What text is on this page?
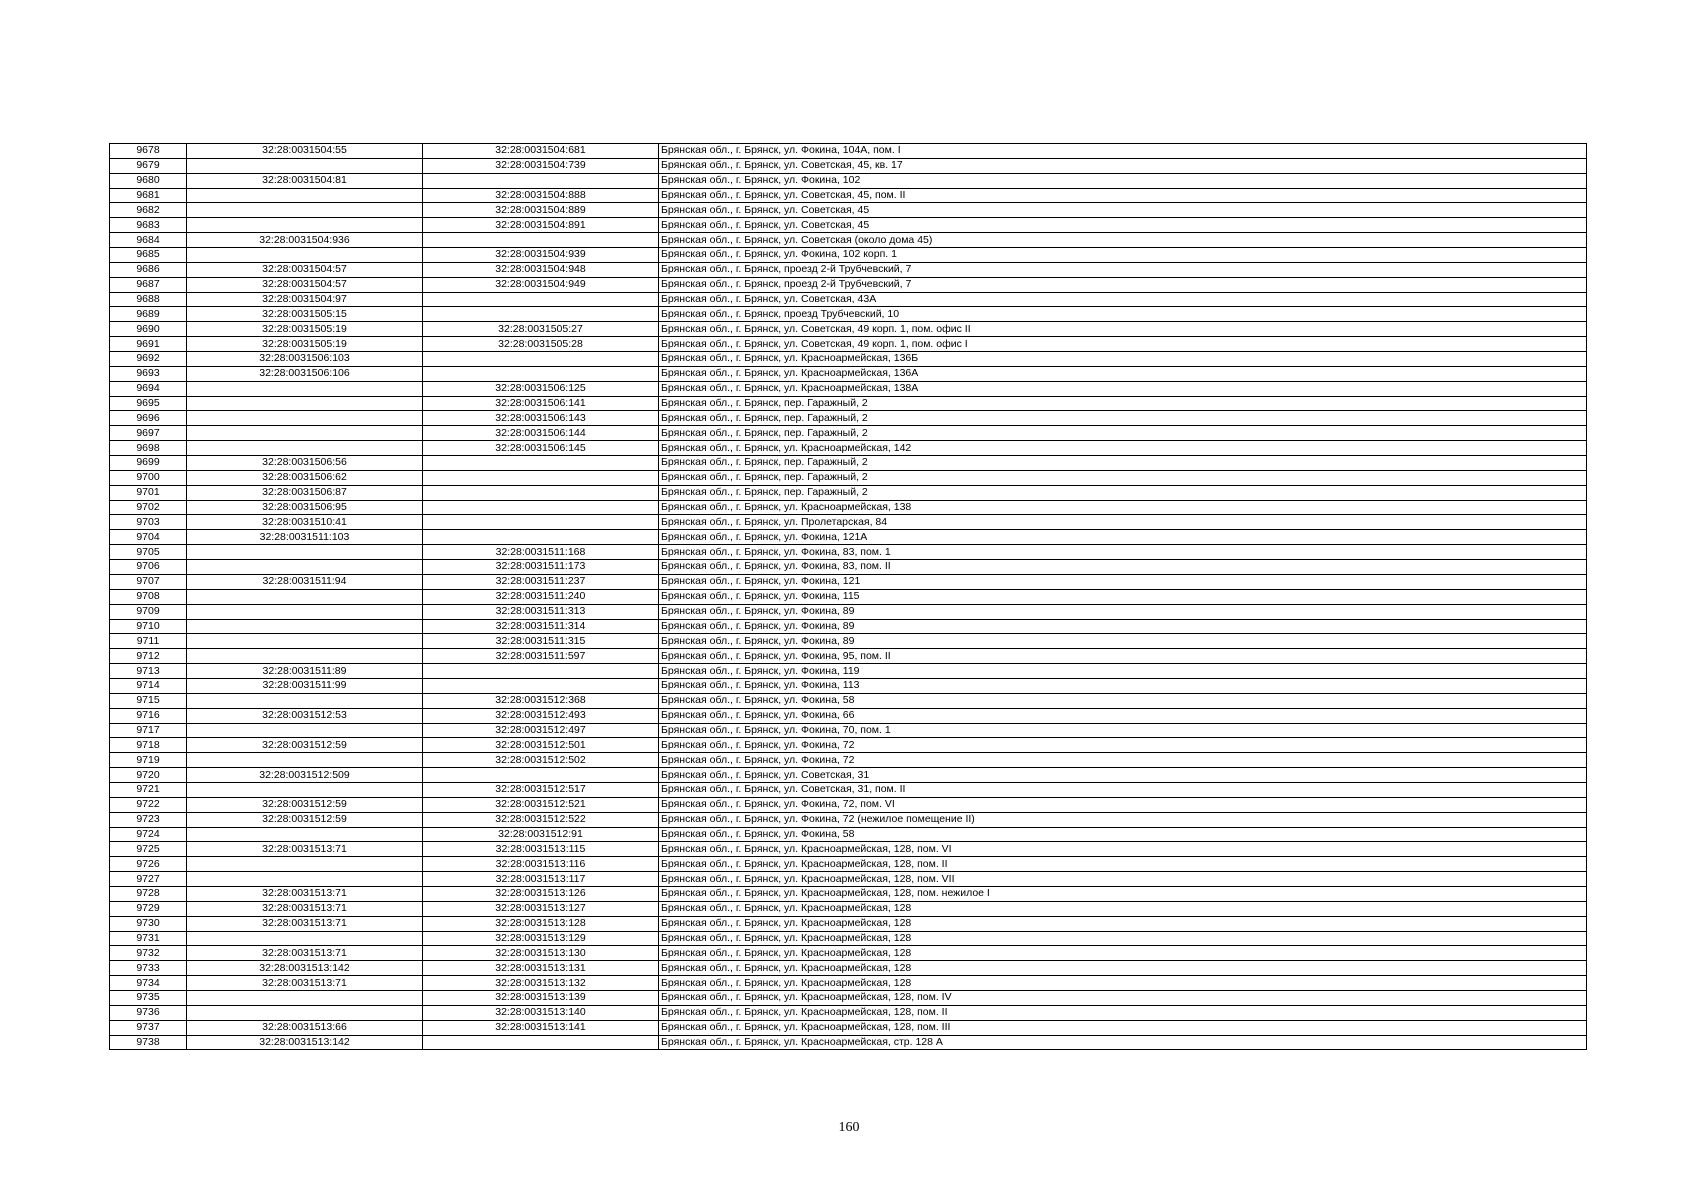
9678	32:28:0031504:55	32:28:0031504:681	Брянская обл., г. Брянск, ул. Фокина, 104А, пом. I
9679		32:28:0031504:739	Брянская обл., г. Брянск, ул. Советская, 45, кв. 17
9680	32:28:0031504:81		Брянская обл., г. Брянск, ул. Фокина, 102
9681		32:28:0031504:888	Брянская обл., г. Брянск, ул. Советская, 45, пом. II
9682		32:28:0031504:889	Брянская обл., г. Брянск, ул. Советская, 45
9683		32:28:0031504:891	Брянская обл., г. Брянск, ул. Советская, 45
9684	32:28:0031504:936		Брянская обл., г. Брянск, ул. Советская (около дома 45)
9685		32:28:0031504:939	Брянская обл., г. Брянск, ул. Фокина, 102 корп. 1
9686	32:28:0031504:57	32:28:0031504:948	Брянская обл., г. Брянск, проезд 2-й Трубчевский, 7
9687	32:28:0031504:57	32:28:0031504:949	Брянская обл., г. Брянск, проезд 2-й Трубчевский, 7
9688	32:28:0031504:97		Брянская обл., г. Брянск, ул. Советская, 43А
9689	32:28:0031505:15		Брянская обл., г. Брянск, проезд Трубчевский, 10
9690	32:28:0031505:19	32:28:0031505:27	Брянская обл., г. Брянск, ул. Советская, 49 корп. 1, пом. офис II
9691	32:28:0031505:19	32:28:0031505:28	Брянская обл., г. Брянск, ул. Советская, 49 корп. 1, пом. офис I
9692	32:28:0031506:103		Брянская обл., г. Брянск, ул. Красноармейская, 136Б
9693	32:28:0031506:106		Брянская обл., г. Брянск, ул. Красноармейская, 136А
9694		32:28:0031506:125	Брянская обл., г. Брянск, ул. Красноармейская, 138А
9695		32:28:0031506:141	Брянская обл., г. Брянск, пер. Гаражный, 2
9696		32:28:0031506:143	Брянская обл., г. Брянск, пер. Гаражный, 2
9697		32:28:0031506:144	Брянская обл., г. Брянск, пер. Гаражный, 2
9698		32:28:0031506:145	Брянская обл., г. Брянск, ул. Красноармейская, 142
9699	32:28:0031506:56		Брянская обл., г. Брянск, пер. Гаражный, 2
9700	32:28:0031506:62		Брянская обл., г. Брянск, пер. Гаражный, 2
9701	32:28:0031506:87		Брянская обл., г. Брянск, пер. Гаражный, 2
9702	32:28:0031506:95		Брянская обл., г. Брянск, ул. Красноармейская, 138
9703	32:28:0031510:41		Брянская обл., г. Брянск, ул. Пролетарская, 84
9704	32:28:0031511:103		Брянская обл., г. Брянск, ул. Фокина, 121А
9705		32:28:0031511:168	Брянская обл., г. Брянск, ул. Фокина, 83, пом. 1
9706		32:28:0031511:173	Брянская обл., г. Брянск, ул. Фокина, 83, пом. II
9707	32:28:0031511:94	32:28:0031511:237	Брянская обл., г. Брянск, ул. Фокина, 121
9708		32:28:0031511:240	Брянская обл., г. Брянск, ул. Фокина, 115
9709		32:28:0031511:313	Брянская обл., г. Брянск, ул. Фокина, 89
9710		32:28:0031511:314	Брянская обл., г. Брянск, ул. Фокина, 89
9711		32:28:0031511:315	Брянская обл., г. Брянск, ул. Фокина, 89
9712		32:28:0031511:597	Брянская обл., г. Брянск, ул. Фокина, 95, пом. II
9713	32:28:0031511:89		Брянская обл., г. Брянск, ул. Фокина, 119
9714	32:28:0031511:99		Брянская обл., г. Брянск, ул. Фокина, 113
9715		32:28:0031512:368	Брянская обл., г. Брянск, ул. Фокина, 58
9716	32:28:0031512:53	32:28:0031512:493	Брянская обл., г. Брянск, ул. Фокина, 66
9717		32:28:0031512:497	Брянская обл., г. Брянск, ул. Фокина, 70, пом. 1
9718	32:28:0031512:59	32:28:0031512:501	Брянская обл., г. Брянск, ул. Фокина, 72
9719		32:28:0031512:502	Брянская обл., г. Брянск, ул. Фокина, 72
9720	32:28:0031512:509		Брянская обл., г. Брянск, ул. Советская, 31
9721		32:28:0031512:517	Брянская обл., г. Брянск, ул. Советская, 31, пом. II
9722	32:28:0031512:59	32:28:0031512:521	Брянская обл., г. Брянск, ул. Фокина, 72, пом. VI
9723	32:28:0031512:59	32:28:0031512:522	Брянская обл., г. Брянск, ул. Фокина, 72 (нежилое помещение II)
9724		32:28:0031512:91	Брянская обл., г. Брянск, ул. Фокина, 58
9725	32:28:0031513:71	32:28:0031513:115	Брянская обл., г. Брянск, ул. Красноармейская, 128, пом. VI
9726		32:28:0031513:116	Брянская обл., г. Брянск, ул. Красноармейская, 128, пом. II
9727		32:28:0031513:117	Брянская обл., г. Брянск, ул. Красноармейская, 128, пом. VII
9728	32:28:0031513:71	32:28:0031513:126	Брянская обл., г. Брянск, ул. Красноармейская, 128, пом. нежилое I
9729	32:28:0031513:71	32:28:0031513:127	Брянская обл., г. Брянск, ул. Красноармейская, 128
9730	32:28:0031513:71	32:28:0031513:128	Брянская обл., г. Брянск, ул. Красноармейская, 128
9731		32:28:0031513:129	Брянская обл., г. Брянск, ул. Красноармейская, 128
9732	32:28:0031513:71	32:28:0031513:130	Брянская обл., г. Брянск, ул. Красноармейская, 128
9733	32:28:0031513:142	32:28:0031513:131	Брянская обл., г. Брянск, ул. Красноармейская, 128
9734	32:28:0031513:71	32:28:0031513:132	Брянская обл., г. Брянск, ул. Красноармейская, 128
9735		32:28:0031513:139	Брянская обл., г. Брянск, ул. Красноармейская, 128, пом. IV
9736		32:28:0031513:140	Брянская обл., г. Брянск, ул. Красноармейская, 128, пом. II
9737	32:28:0031513:66	32:28:0031513:141	Брянская обл., г. Брянск, ул. Красноармейская, 128, пом. III
9738	32:28:0031513:142		Брянская обл., г. Брянск, ул. Красноармейская, стр. 128 А
160
